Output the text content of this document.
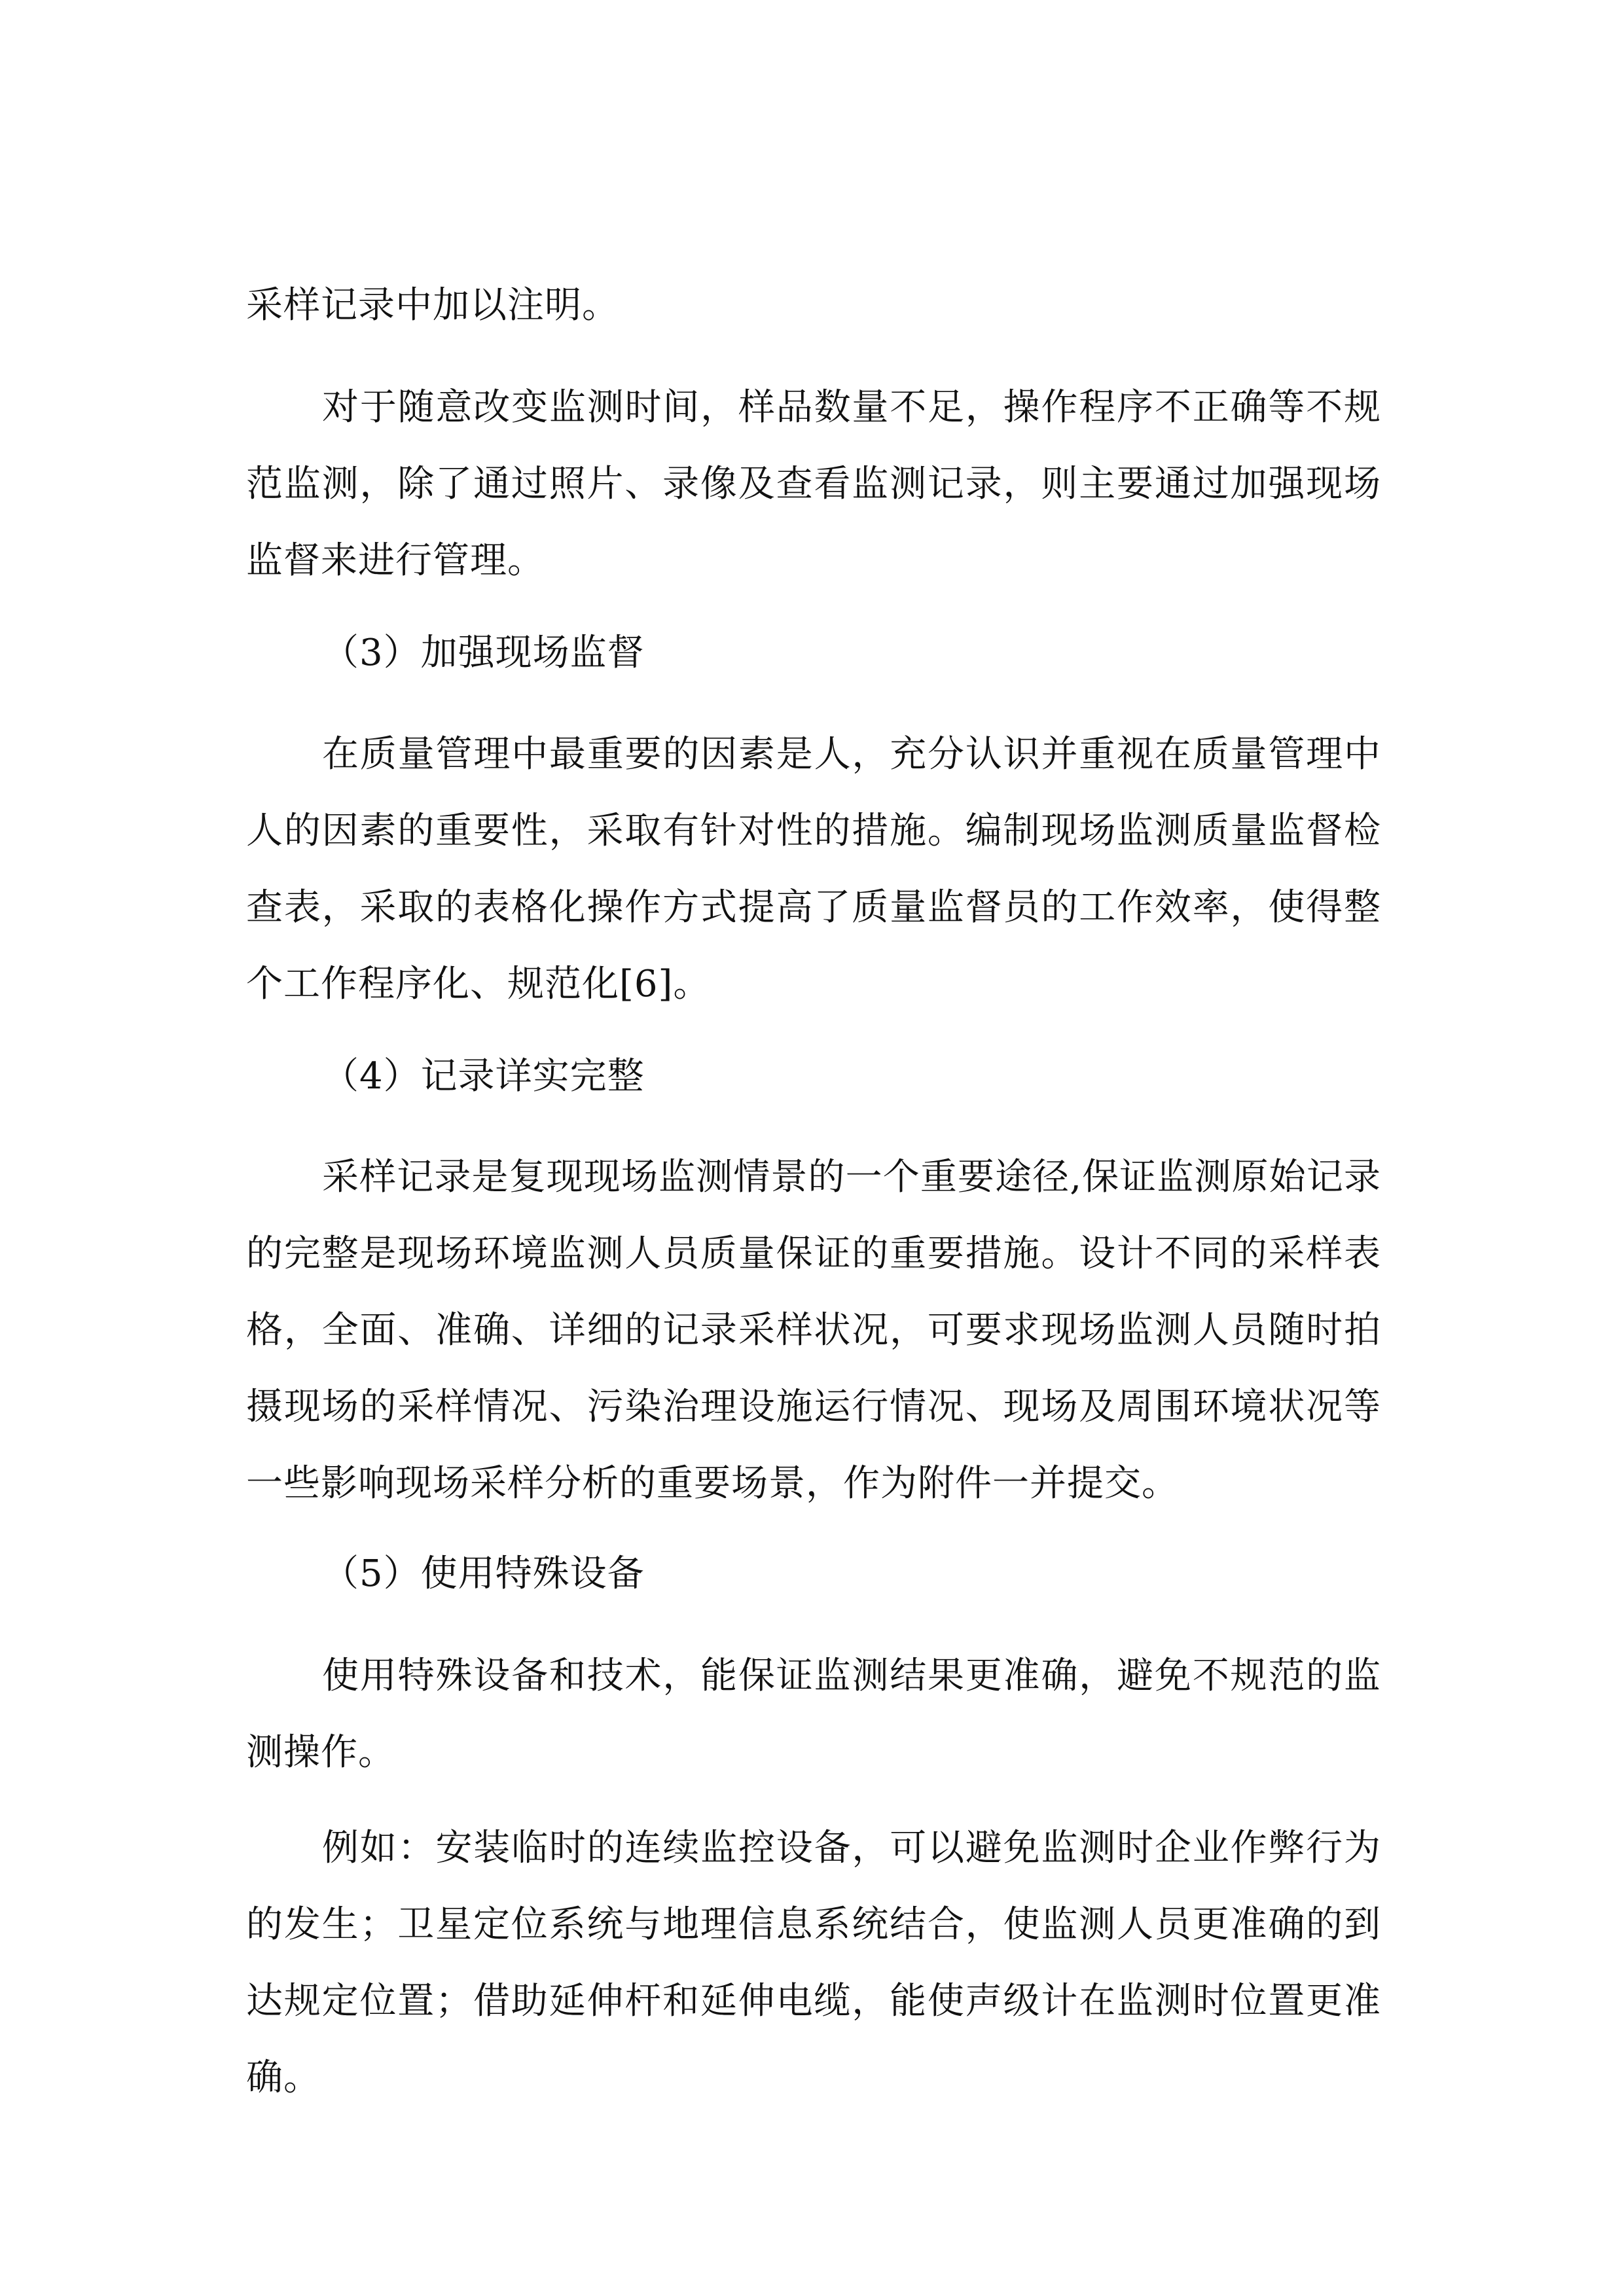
采样记录中加以注明。

对于随意改变监测时间，样品数量不足，操作程序不正确等不规范监测，除了通过照片、录像及查看监测记录，则主要通过加强现场监督来进行管理。

（3）加强现场监督

在质量管理中最重要的因素是人，充分认识并重视在质量管理中人的因素的重要性，采取有针对性的措施。编制现场监测质量监督检查表，采取的表格化操作方式提高了质量监督员的工作效率，使得整个工作程序化、规范化[6]。

（4）记录详实完整

采样记录是复现现场监测情景的一个重要途径,保证监测原始记录的完整是现场环境监测人员质量保证的重要措施。设计不同的采样表格，全面、准确、详细的记录采样状况，可要求现场监测人员随时拍摄现场的采样情况、污染治理设施运行情况、现场及周围环境状况等一些影响现场采样分析的重要场景，作为附件一并提交。

（5）使用特殊设备

使用特殊设备和技术，能保证监测结果更准确，避免不规范的监测操作。

例如：安装临时的连续监控设备，可以避免监测时企业作弊行为的发生；卫星定位系统与地理信息系统结合，使监测人员更准确的到达规定位置；借助延伸杆和延伸电缆，能使声级计在监测时位置更准确。
